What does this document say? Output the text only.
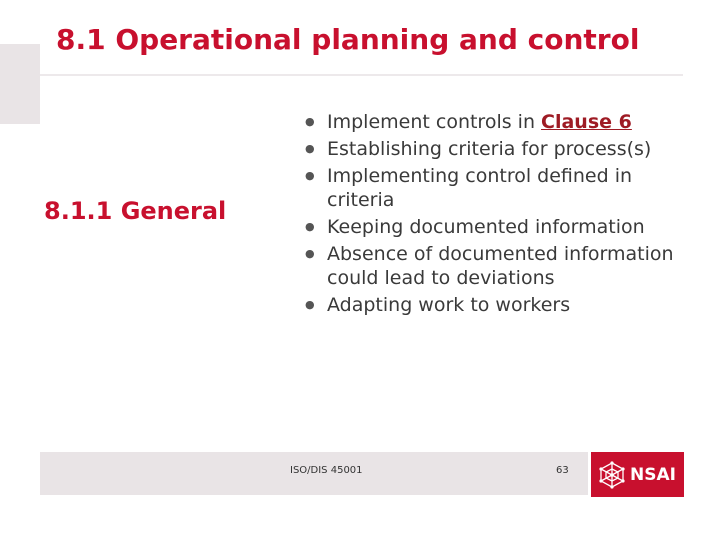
8.1 Operational planning and control
8.1.1 General
● Implement controls in Clause 6
● Establishing criteria for process(s)
● Implementing control defined in criteria
● Keeping documented information
● Absence of documented information could lead to deviations
● Adapting work to workers
ISO/DIS 45001	63	NSAI
